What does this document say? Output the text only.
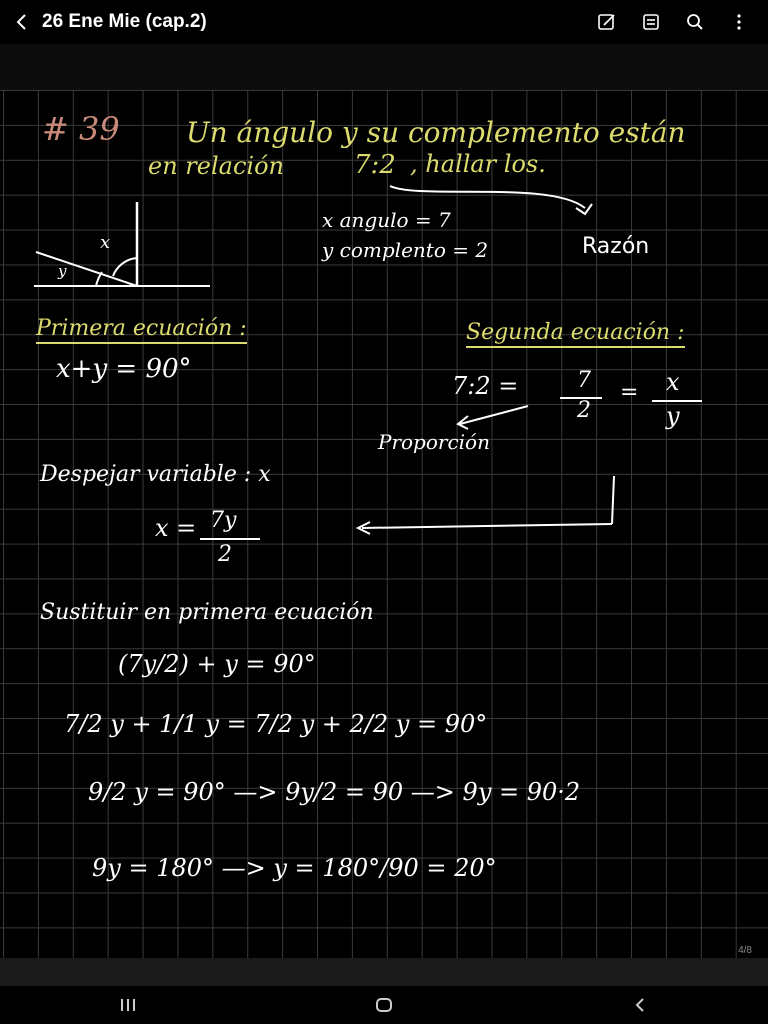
26 Ene Mie (cap.2)
# 39 Un ángulo y su complemento están
en relación	7:2 , hallar los.
x
y
x angulo = 7
y complento = 2	Razón
Primera ecuación :
x+y = 90°
Segunda ecuación :
7:2 =	7
2
= x
y
Proporción
Despejar variable : x
x = 7y
2
Sustituir en primera ecuación
(7y/2) + y = 90°
7/2 y + 1/1 y = 7/2 y + 2/2 y = 90°
9/2 y = 90° —> 9y/2 = 90 —> 9y = 90·2
9y = 180° —> y = 180°/90 = 20°
4/8
